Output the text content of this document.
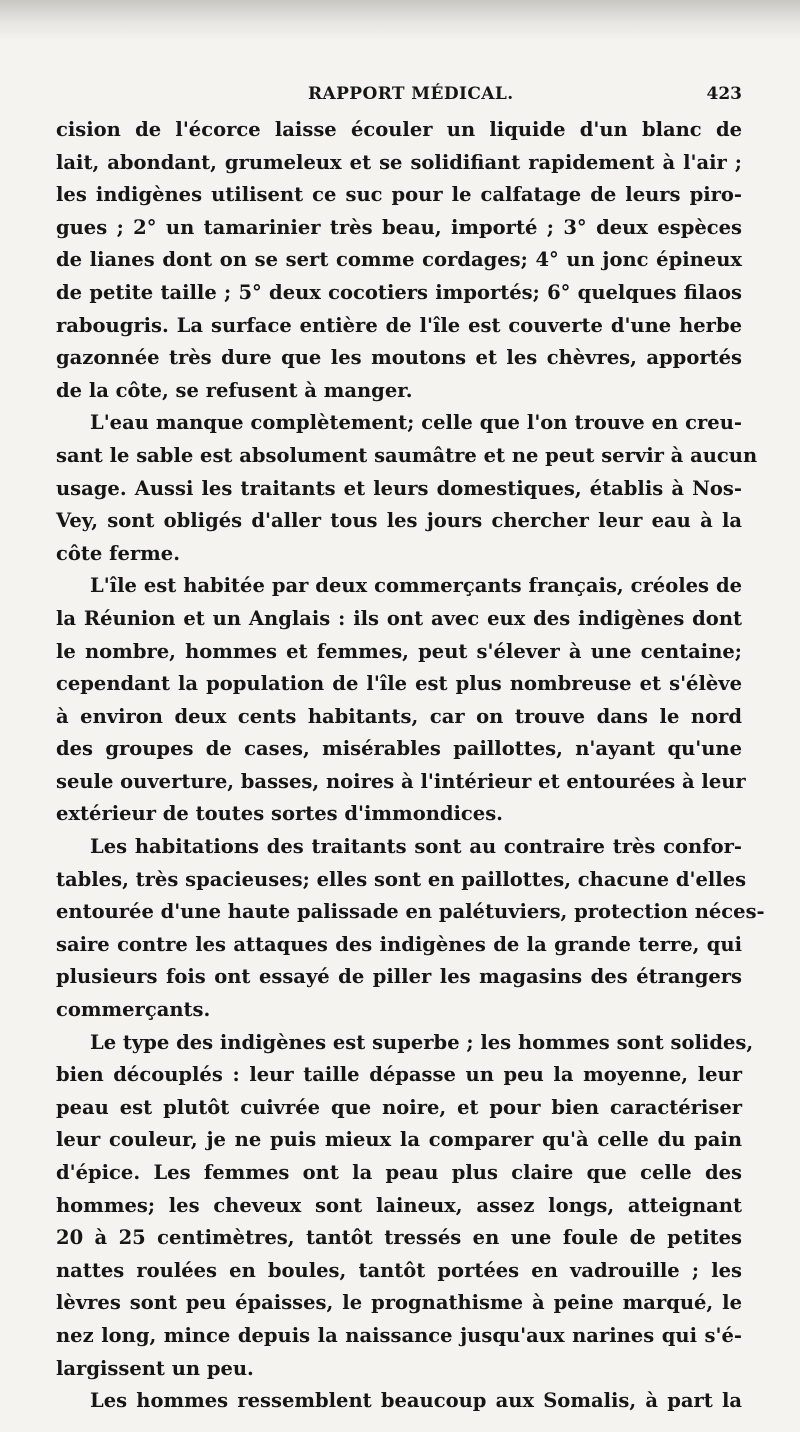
RAPPORT MÉDICAL.	423
cision de l'écorce laisse écouler un liquide d'un blanc de
lait, abondant, grumeleux et se solidifiant rapidement à l'air ;
les indigènes utilisent ce suc pour le calfatage de leurs piro-
gues ; 2° un tamarinier très beau, importé ; 3° deux espèces
de lianes dont on se sert comme cordages; 4° un jonc épineux
de petite taille ; 5° deux cocotiers importés; 6° quelques filaos
rabougris. La surface entière de l'île est couverte d'une herbe
gazonnée très dure que les moutons et les chèvres, apportés
de la côte, se refusent à manger.
L'eau manque complètement; celle que l'on trouve en creu-
sant le sable est absolument saumâtre et ne peut servir à aucun
usage. Aussi les traitants et leurs domestiques, établis à Nos-
Vey, sont obligés d'aller tous les jours chercher leur eau à la
côte ferme.
L'île est habitée par deux commerçants français, créoles de
la Réunion et un Anglais : ils ont avec eux des indigènes dont
le nombre, hommes et femmes, peut s'élever à une centaine;
cependant la population de l'île est plus nombreuse et s'élève
à environ deux cents habitants, car on trouve dans le nord
des groupes de cases, misérables paillottes, n'ayant qu'une
seule ouverture, basses, noires à l'intérieur et entourées à leur
extérieur de toutes sortes d'immondices.
Les habitations des traitants sont au contraire très confor-
tables, très spacieuses; elles sont en paillottes, chacune d'elles
entourée d'une haute palissade en palétuviers, protection néces-
saire contre les attaques des indigènes de la grande terre, qui
plusieurs fois ont essayé de piller les magasins des étrangers
commerçants.
Le type des indigènes est superbe ; les hommes sont solides,
bien découplés : leur taille dépasse un peu la moyenne, leur
peau est plutôt cuivrée que noire, et pour bien caractériser
leur couleur, je ne puis mieux la comparer qu'à celle du pain
d'épice. Les femmes ont la peau plus claire que celle des
hommes; les cheveux sont laineux, assez longs, atteignant
20 à 25 centimètres, tantôt tressés en une foule de petites
nattes roulées en boules, tantôt portées en vadrouille ; les
lèvres sont peu épaisses, le prognathisme à peine marqué, le
nez long, mince depuis la naissance jusqu'aux narines qui s'é-
largissent un peu.
Les hommes ressemblent beaucoup aux Somalis, à part la
